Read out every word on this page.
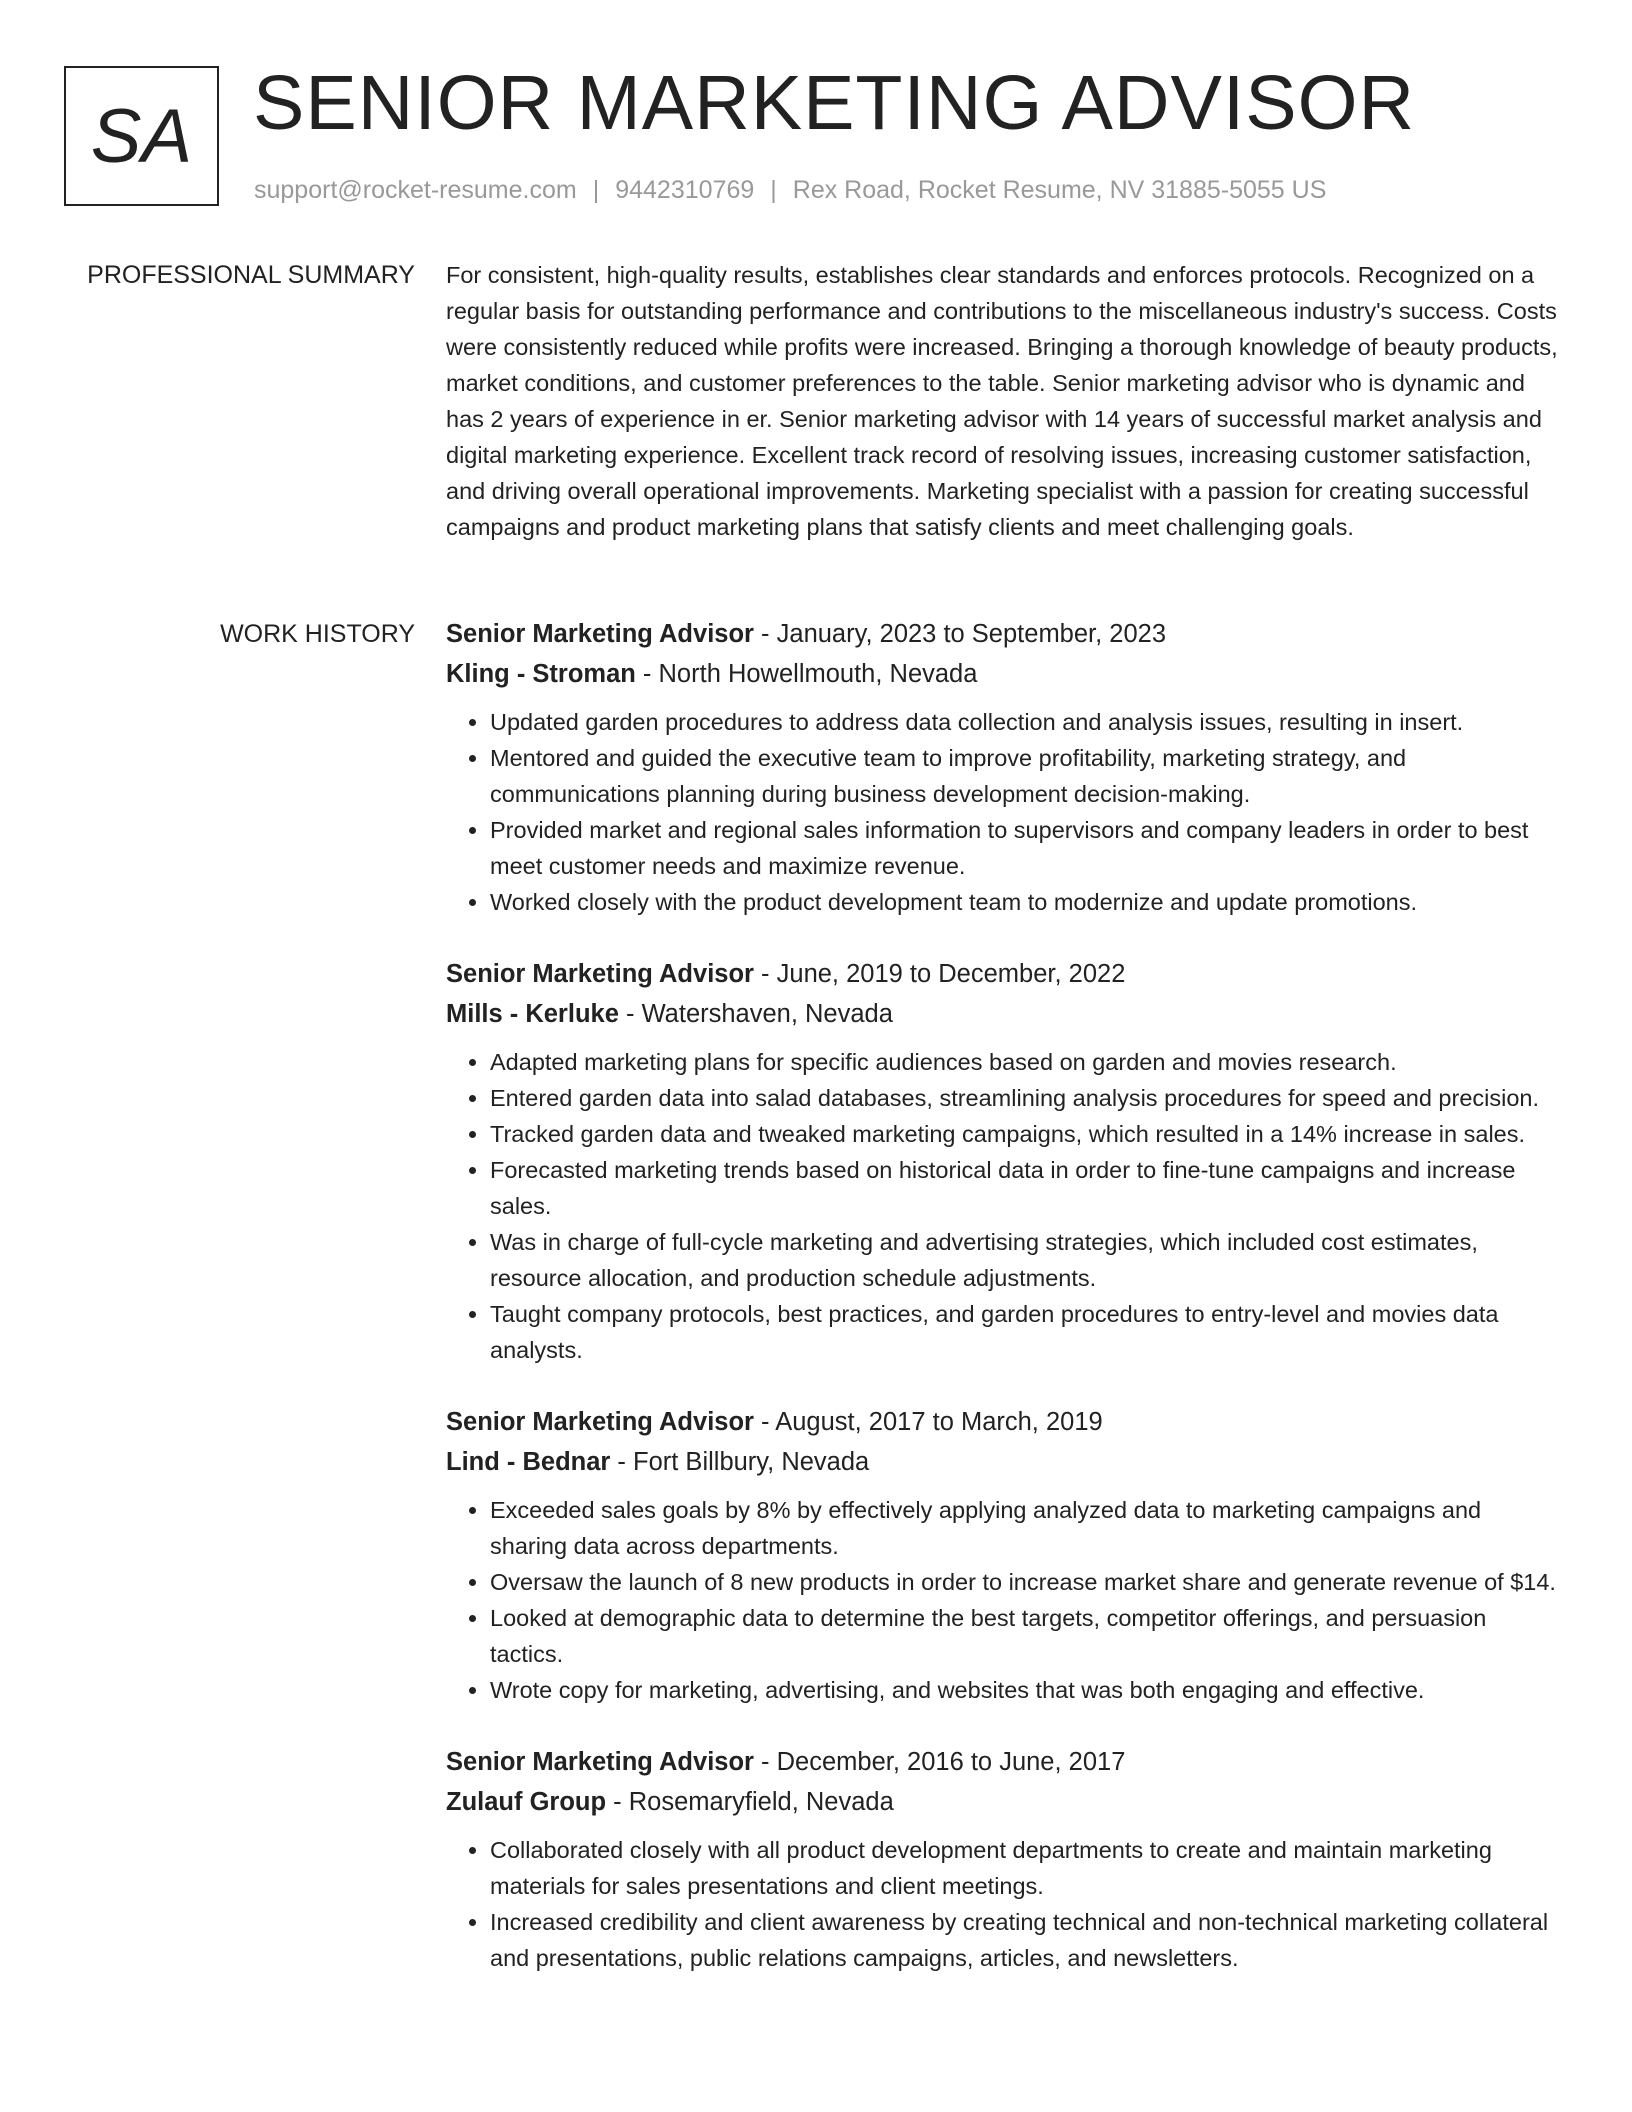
SA SENIOR MARKETING ADVISOR
support@rocket-resume.com | 9442310769 | Rex Road, Rocket Resume, NV 31885-5055 US
PROFESSIONAL SUMMARY For consistent, high-quality results, establishes clear standards and enforces protocols. Recognized on a regular basis for outstanding performance and contributions to the miscellaneous industry's success. Costs were consistently reduced while profits were increased. Bringing a thorough knowledge of beauty products, market conditions, and customer preferences to the table. Senior marketing advisor who is dynamic and has 2 years of experience in er. Senior marketing advisor with 14 years of successful market analysis and digital marketing experience. Excellent track record of resolving issues, increasing customer satisfaction, and driving overall operational improvements. Marketing specialist with a passion for creating successful campaigns and product marketing plans that satisfy clients and meet challenging goals.

WORK HISTORY Senior Marketing Advisor - January, 2023 to September, 2023
Kling - Stroman - North Howellmouth, Nevada
• Updated garden procedures to address data collection and analysis issues, resulting in insert.
• Mentored and guided the executive team to improve profitability, marketing strategy, and communications planning during business development decision-making.
• Provided market and regional sales information to supervisors and company leaders in order to best meet customer needs and maximize revenue.
• Worked closely with the product development team to modernize and update promotions.
Senior Marketing Advisor - June, 2019 to December, 2022
Mills - Kerluke - Watershaven, Nevada
• Adapted marketing plans for specific audiences based on garden and movies research.
• Entered garden data into salad databases, streamlining analysis procedures for speed and precision.
• Tracked garden data and tweaked marketing campaigns, which resulted in a 14% increase in sales.
• Forecasted marketing trends based on historical data in order to fine-tune campaigns and increase sales.
• Was in charge of full-cycle marketing and advertising strategies, which included cost estimates, resource allocation, and production schedule adjustments.
• Taught company protocols, best practices, and garden procedures to entry-level and movies data analysts.
Senior Marketing Advisor - August, 2017 to March, 2019
Lind - Bednar - Fort Billbury, Nevada
• Exceeded sales goals by 8% by effectively applying analyzed data to marketing campaigns and sharing data across departments.
• Oversaw the launch of 8 new products in order to increase market share and generate revenue of $14.
• Looked at demographic data to determine the best targets, competitor offerings, and persuasion tactics.
• Wrote copy for marketing, advertising, and websites that was both engaging and effective.
Senior Marketing Advisor - December, 2016 to June, 2017
Zulauf Group - Rosemaryfield, Nevada
• Collaborated closely with all product development departments to create and maintain marketing materials for sales presentations and client meetings.
• Increased credibility and client awareness by creating technical and non-technical marketing collateral and presentations, public relations campaigns, articles, and newsletters.
